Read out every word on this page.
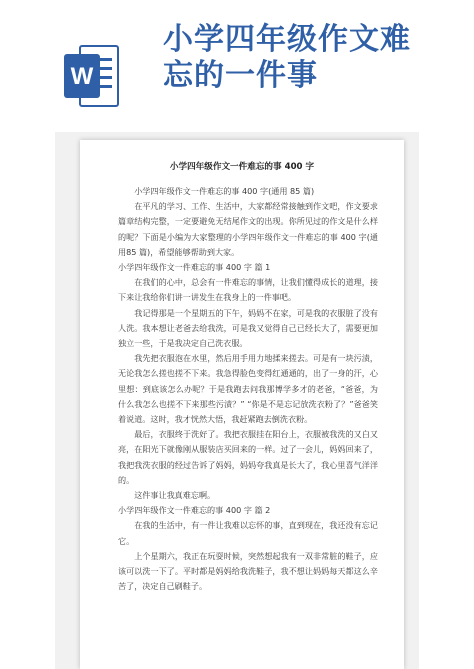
W
小学四年级作文难
忘的一件事
小学四年级作文一件难忘的事 400 字

小学四年级作文一件难忘的事 400 字(通用 85 篇)

在平凡的学习、工作、生活中，大家都经常接触到作文吧，作文要求篇章结构完整，一定要避免无结尾作文的出现。你所见过的作文是什么样的呢？下面是小编为大家整理的小学四年级作文一件难忘的事 400 字(通用85 篇)，希望能够帮助到大家。

小学四年级作文一件难忘的事 400 字 篇 1

在我们的心中，总会有一件难忘的事情，让我们懂得成长的道理，接下来让我给你们讲一讲发生在我身上的一件事吧。

我记得那是一个星期五的下午，妈妈不在家，可是我的衣服脏了没有人洗。我本想让老爸去给我洗，可是我又觉得自己已经长大了，需要更加独立一些，于是我决定自己洗衣服。

我先把衣服泡在水里，然后用手用力地揉来搓去。可是有一块污渍，无论我怎么搓也搓不下来。我急得脸色变得红通通的，出了一身的汗，心里想：到底该怎么办呢？于是我跑去问我那博学多才的老爸，“爸爸，为什么我怎么也搓不下来那些污渍？” “你是不是忘记放洗衣粉了？”爸爸笑着说道。这时，我才恍然大悟，我赶紧跑去倒洗衣粉。

最后，衣服终于洗好了。我把衣服挂在阳台上，衣服被我洗的又白又亮，在阳光下就像刚从服装店买回来的一样。过了一会儿，妈妈回来了，我把我洗衣服的经过告诉了妈妈，妈妈夸我真是长大了，我心里喜气洋洋的。

这件事让我真难忘啊。

小学四年级作文一件难忘的事 400 字 篇 2

在我的生活中，有一件让我难以忘怀的事，直到现在，我还没有忘记它。

上个星期六，我正在玩耍时候，突然想起我有一双非常脏的鞋子，应该可以洗一下了。平时都是妈妈给我洗鞋子，我不想让妈妈每天都这么辛苦了，决定自己刷鞋子。
